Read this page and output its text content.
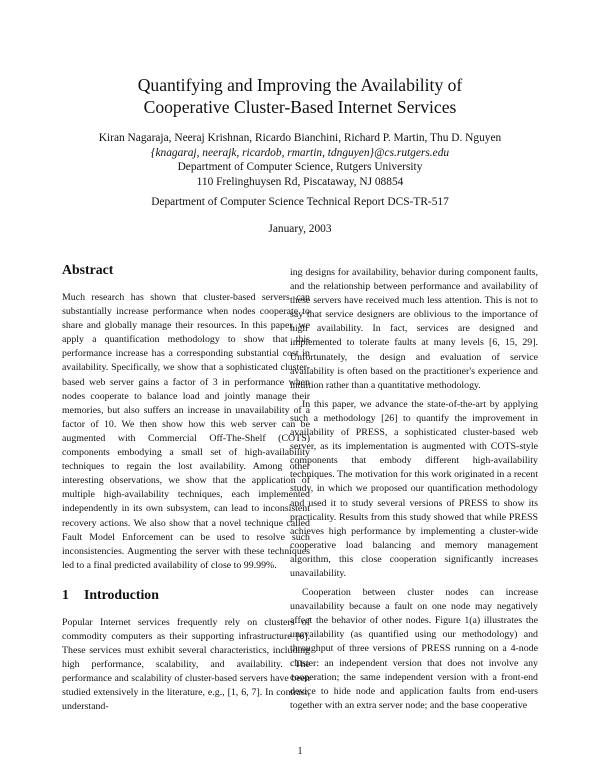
Quantifying and Improving the Availability of
Cooperative Cluster-Based Internet Services
Kiran Nagaraja, Neeraj Krishnan, Ricardo Bianchini, Richard P. Martin, Thu D. Nguyen
{knagaraj, neerajk, ricardob, rmartin, tdnguyen}@cs.rutgers.edu
Department of Computer Science, Rutgers University
110 Frelinghuysen Rd, Piscataway, NJ 08854
Department of Computer Science Technical Report DCS-TR-517
January, 2003
Abstract

Much research has shown that cluster-based servers can substantially increase performance when nodes cooperate to share and globally manage their resources. In this paper, we apply a quantification methodology to show that this performance increase has a corresponding substantial cost in availability. Specifically, we show that a sophisticated cluster-based web server gains a factor of 3 in performance when nodes cooperate to balance load and jointly manage their memories, but also suffers an increase in unavailability of a factor of 10. We then show how this web server can be augmented with Commercial Off-The-Shelf (COTS) components embodying a small set of high-availability techniques to regain the lost availability. Among other interesting observations, we show that the application of multiple high-availability techniques, each implemented independently in its own subsystem, can lead to inconsistent recovery actions. We also show that a novel technique called Fault Model Enforcement can be used to resolve such inconsistencies. Augmenting the server with these techniques led to a final predicted availability of close to 99.99%.

1 Introduction

Popular Internet services frequently rely on clusters of commodity computers as their supporting infrastructure [6]. These services must exhibit several characteristics, including high performance, scalability, and availability. The performance and scalability of cluster-based servers have been studied extensively in the literature, e.g., [1, 6, 7]. In contrast, understand-

ing designs for availability, behavior during component faults, and the relationship between performance and availability of these servers have received much less attention. This is not to say that service designers are oblivious to the importance of high availability. In fact, services are designed and implemented to tolerate faults at many levels [6, 15, 29]. Unfortunately, the design and evaluation of service availability is often based on the practitioner's experience and intuition rather than a quantitative methodology.

In this paper, we advance the state-of-the-art by applying such a methodology [26] to quantify the improvement in availability of PRESS, a sophisticated cluster-based web server, as its implementation is augmented with COTS-style components that embody different high-availability techniques. The motivation for this work originated in a recent study, in which we proposed our quantification methodology and used it to study several versions of PRESS to show its practicality. Results from this study showed that while PRESS achieves high performance by implementing a cluster-wide cooperative load balancing and memory management algorithm, this close cooperation significantly increases unavailability.

Cooperation between cluster nodes can increase unavailability because a fault on one node may negatively affect the behavior of other nodes. Figure 1(a) illustrates the unavailability (as quantified using our methodology) and throughput of three versions of PRESS running on a 4-node cluster: an independent version that does not involve any cooperation; the same independent version with a front-end device to hide node and application faults from end-users together with an extra server node; and the base cooperative

1
